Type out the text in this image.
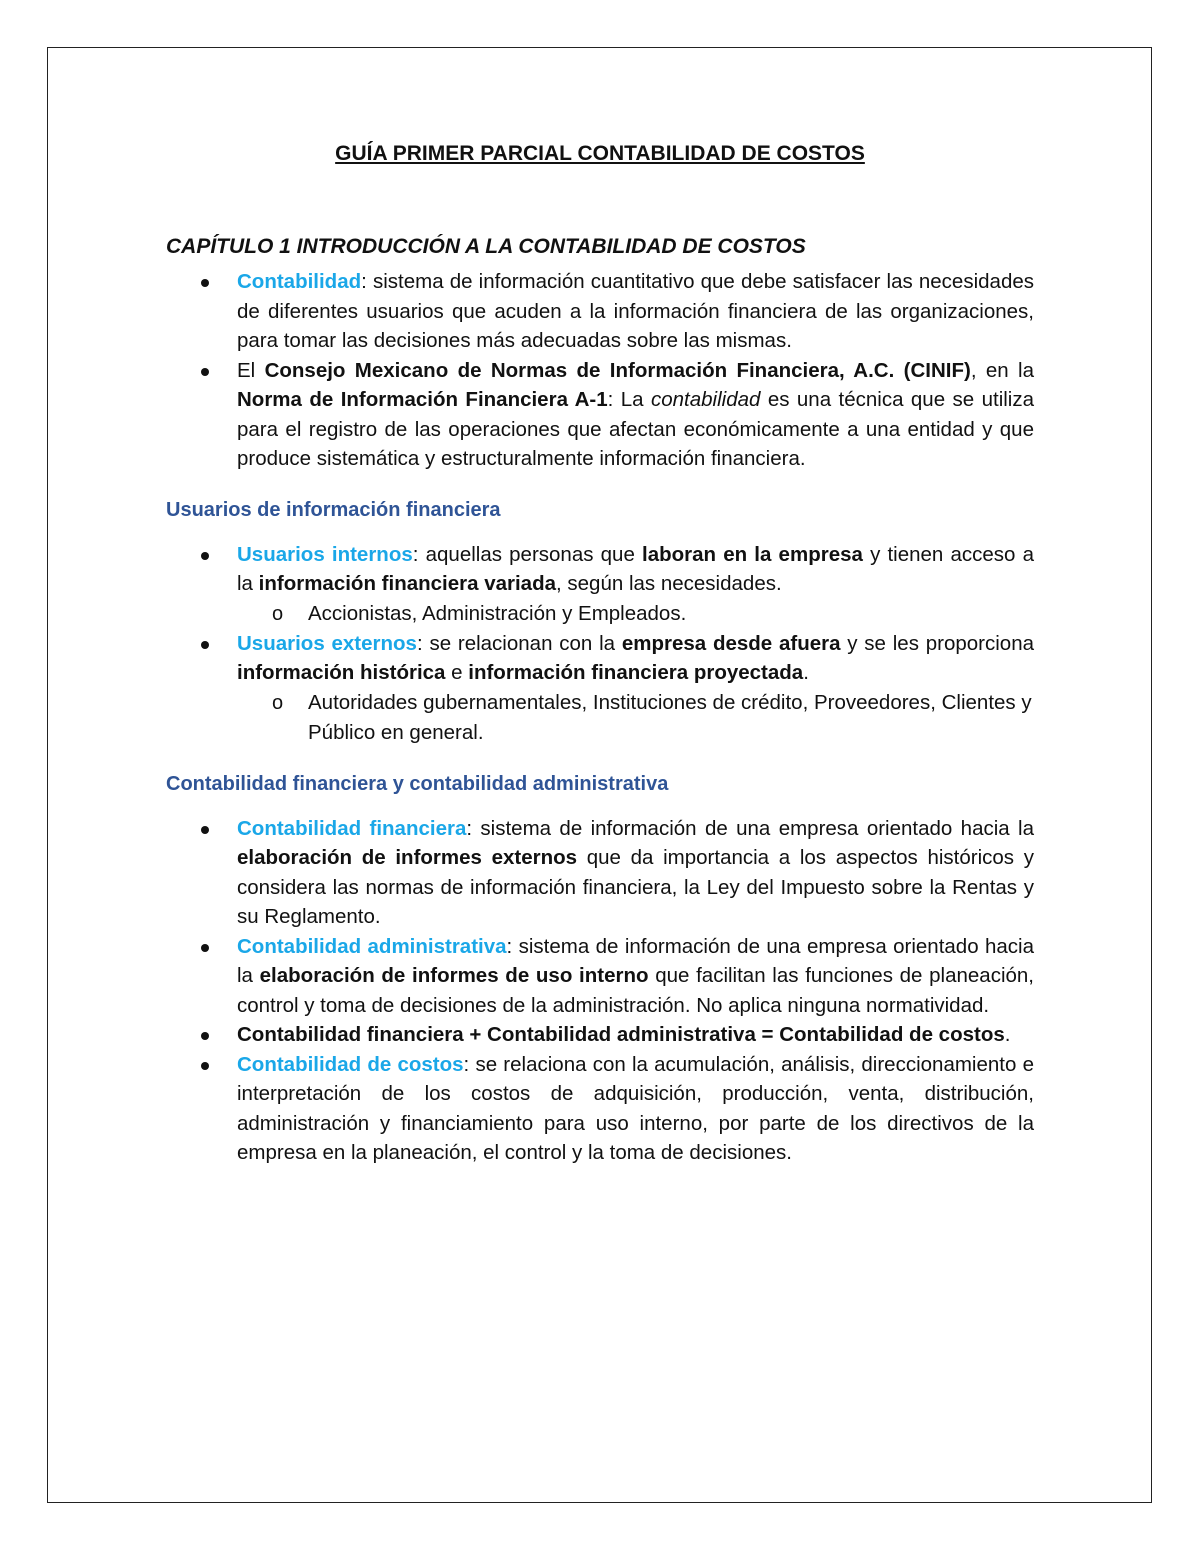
GUÍA PRIMER PARCIAL CONTABILIDAD DE COSTOS
CAPÍTULO 1 INTRODUCCIÓN A LA CONTABILIDAD DE COSTOS
Contabilidad: sistema de información cuantitativo que debe satisfacer las necesidades de diferentes usuarios que acuden a la información financiera de las organizaciones, para tomar las decisiones más adecuadas sobre las mismas.
El Consejo Mexicano de Normas de Información Financiera, A.C. (CINIF), en la Norma de Información Financiera A-1: La contabilidad es una técnica que se utiliza para el registro de las operaciones que afectan económicamente a una entidad y que produce sistemática y estructuralmente información financiera.
Usuarios de información financiera
Usuarios internos: aquellas personas que laboran en la empresa y tienen acceso a la información financiera variada, según las necesidades.
o Accionistas, Administración y Empleados.
Usuarios externos: se relacionan con la empresa desde afuera y se les proporciona información histórica e información financiera proyectada.
o Autoridades gubernamentales, Instituciones de crédito, Proveedores, Clientes y Público en general.
Contabilidad financiera y contabilidad administrativa
Contabilidad financiera: sistema de información de una empresa orientado hacia la elaboración de informes externos que da importancia a los aspectos históricos y considera las normas de información financiera, la Ley del Impuesto sobre la Rentas y su Reglamento.
Contabilidad administrativa: sistema de información de una empresa orientado hacia la elaboración de informes de uso interno que facilitan las funciones de planeación, control y toma de decisiones de la administración. No aplica ninguna normatividad.
Contabilidad financiera + Contabilidad administrativa = Contabilidad de costos.
Contabilidad de costos: se relaciona con la acumulación, análisis, direccionamiento e interpretación de los costos de adquisición, producción, venta, distribución, administración y financiamiento para uso interno, por parte de los directivos de la empresa en la planeación, el control y la toma de decisiones.
